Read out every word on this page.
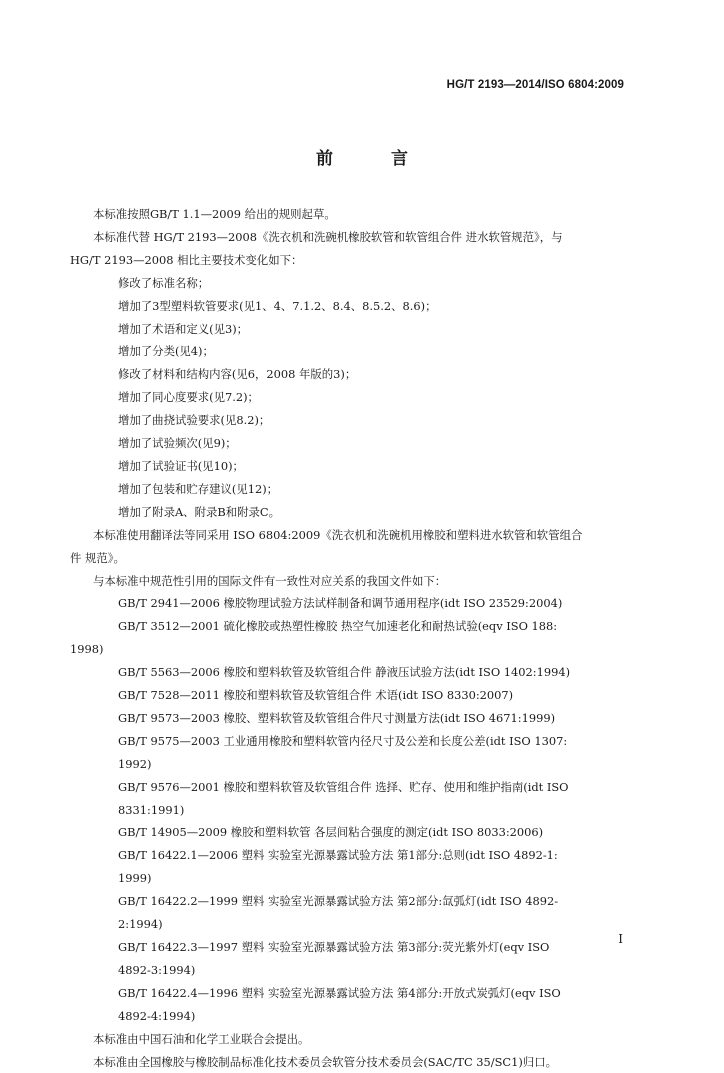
HG/T 2193—2014/ISO 6804:2009
前 言

本标准按照GB/T 1.1—2009 给出的规则起草。

本标准代替 HG/T 2193—2008《洗衣机和洗碗机橡胶软管和软管组合件 进水软管规范》，与

HG/T 2193—2008 相比主要技术变化如下：

修改了标准名称；

增加了3型塑料软管要求(见1、4、7.1.2、8.4、8.5.2、8.6)；

增加了术语和定义(见3)；

增加了分类(见4)；

修改了材料和结构内容(见6，2008 年版的3)；

增加了同心度要求(见7.2)；

增加了曲挠试验要求(见8.2)；

增加了试验频次(见9)；

增加了试验证书(见10)；

增加了包装和贮存建议(见12)；

增加了附录A、附录B和附录C。

本标准使用翻译法等同采用 ISO 6804:2009《洗衣机和洗碗机用橡胶和塑料进水软管和软管组合

件 规范》。

与本标准中规范性引用的国际文件有一致性对应关系的我国文件如下：

GB/T 2941—2006 橡胶物理试验方法试样制备和调节通用程序(idt ISO 23529:2004)

GB/T 3512—2001 硫化橡胶或热塑性橡胶 热空气加速老化和耐热试验(eqv ISO 188:

1998)

GB/T 5563—2006 橡胶和塑料软管及软管组合件 静液压试验方法(idt ISO 1402:1994)

GB/T 7528—2011 橡胶和塑料软管及软管组合件 术语(idt ISO 8330:2007)

GB/T 9573—2003 橡胶、塑料软管及软管组合件尺寸测量方法(idt ISO 4671:1999)

GB/T 9575—2003 工业通用橡胶和塑料软管内径尺寸及公差和长度公差(idt ISO 1307:

1992)

GB/T 9576—2001 橡胶和塑料软管及软管组合件 选择、贮存、使用和维护指南(idt ISO

8331:1991)

GB/T 14905—2009 橡胶和塑料软管 各层间粘合强度的测定(idt ISO 8033:2006)

GB/T 16422.1—2006 塑料 实验室光源暴露试验方法 第1部分:总则(idt ISO 4892-1:

1999)

GB/T 16422.2—1999 塑料 实验室光源暴露试验方法 第2部分:氙弧灯(idt ISO 4892-

2:1994)

GB/T 16422.3—1997 塑料 实验室光源暴露试验方法 第3部分:荧光紫外灯(eqv ISO

4892-3:1994)

GB/T 16422.4—1996 塑料 实验室光源暴露试验方法 第4部分:开放式炭弧灯(eqv ISO

4892-4:1994)

本标准由中国石油和化学工业联合会提出。

本标准由全国橡胶与橡胶制品标准化技术委员会软管分技术委员会(SAC/TC 35/SC1)归口。

I
